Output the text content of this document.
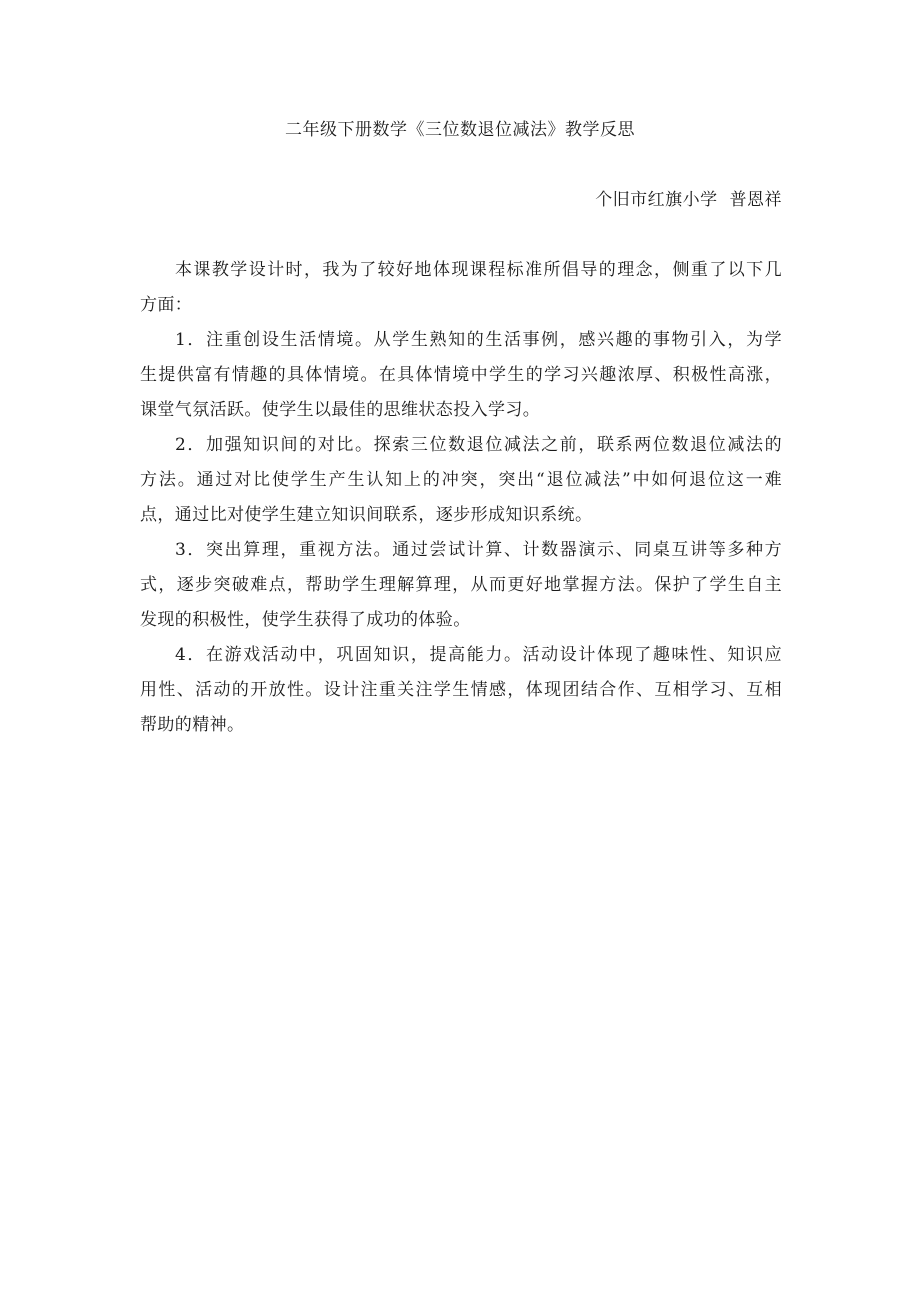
二年级下册数学《三位数退位减法》教学反思
个旧市红旗小学  普恩祥
本课教学设计时，我为了较好地体现课程标准所倡导的理念，侧重了以下几
方面：
1．注重创设生活情境。从学生熟知的生活事例，感兴趣的事物引入，为学
生提供富有情趣的具体情境。在具体情境中学生的学习兴趣浓厚、积极性高涨，
课堂气氛活跃。使学生以最佳的思维状态投入学习。
2．加强知识间的对比。探索三位数退位减法之前，联系两位数退位减法的
方法。通过对比使学生产生认知上的冲突，突出“退位减法”中如何退位这一难
点，通过比对使学生建立知识间联系，逐步形成知识系统。
3．突出算理，重视方法。通过尝试计算、计数器演示、同桌互讲等多种方
式，逐步突破难点，帮助学生理解算理，从而更好地掌握方法。保护了学生自主
发现的积极性，使学生获得了成功的体验。
4．在游戏活动中，巩固知识，提高能力。活动设计体现了趣味性、知识应
用性、活动的开放性。设计注重关注学生情感，体现团结合作、互相学习、互相
帮助的精神。
